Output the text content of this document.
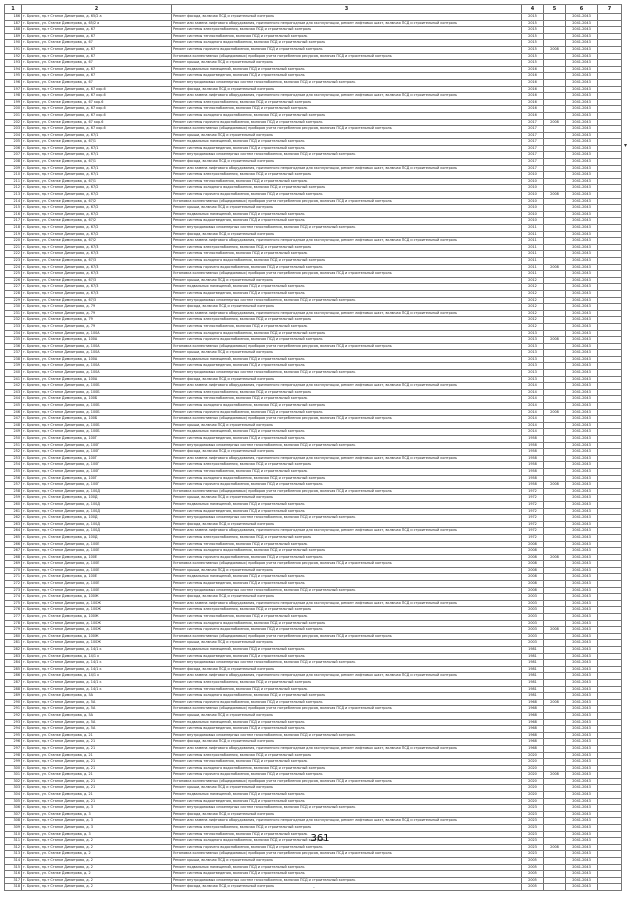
1	2	3	4	5	6	7
186	г. Брянск, пр-т Станке Димитрова, д. 65/2 а	Ремонт фасада, включая ПСД и строительный контроль	2015		2041-2043	
187	г. Брянск, ул. Станке Димитрова, д. 65/2 а	Ремонт или замена лифтового оборудования, признанного непригодным для эксплуатации, ремонт лифтовых шахт, включая ПСД и строительный контроль	2015		2041-2043	
188	г. Брянск, пр-т Станке Димитрова, д. 67	Ремонт системы электроснабжения, включая ПСД и строительный контроль	2015		2041-2043	
189	г. Брянск, пр-т Станке Димитрова, д. 67	Ремонт системы теплоснабжения, включая ПСД и строительный контроль	2015		2041-2043	
190	г. Брянск, ул. Станке Димитрова, д. 67	Ремонт системы холодного водоснабжения, включая ПСД и строительный контроль	2015		2041-2043	
191	г. Брянск, пр-т Станке Димитрова, д. 67	Ремонт системы горячего водоснабжения, включая ПСД и строительный контроль	2015	2008	2041-2043	
192	г. Брянск, пр-т Станке Димитрова, д. 67	Установка коллективных (общедомовых) приборов учета потребления ресурсов, включая ПСД и строительный контроль	2015		2041-2043	
193	г. Брянск, ул. Станке Димитрова, д. 67	Ремонт крыши, включая ПСД и строительный контроль	2015		2041-2043	
194	г. Брянск, пр-т Станке Димитрова, д. 67	Ремонт подвальных помещений, включая ПСД и строительный контроль	2016		2041-2043	
195	г. Брянск, пр-т Станке Димитрова, д. 67	Ремонт системы водоотведения, включая ПСД и строительный контроль	2016		2041-2043	
196	г. Брянск, ул. Станке Димитрова, д. 67	Ремонт внутридомовых инженерных систем газоснабжения, включая ПСД и строительный контроль	2016		2041-2043	
197	г. Брянск, пр-т Станке Димитрова, д. 67 кор.6	Ремонт фасада, включая ПСД и строительный контроль	2016		2041-2043	
198	г. Брянск, пр-т Станке Димитрова, д. 67 кор.6	Ремонт или замена лифтового оборудования, признанного непригодным для эксплуатации, ремонт лифтовых шахт, включая ПСД и строительный контроль	2016		2041-2043	
199	г. Брянск, ул. Станке Димитрова, д. 67 кор.6	Ремонт системы электроснабжения, включая ПСД и строительный контроль	2016		2041-2043	
200	г. Брянск, пр-т Станке Димитрова, д. 67 кор.6	Ремонт системы теплоснабжения, включая ПСД и строительный контроль	2016		2041-2043	
201	г. Брянск, пр-т Станке Димитрова, д. 67 кор.6	Ремонт системы холодного водоснабжения, включая ПСД и строительный контроль	2016		2041-2043	
202	г. Брянск, ул. Станке Димитрова, д. 67 кор.6	Ремонт системы горячего водоснабжения, включая ПСД и строительный контроль	2017	2008	2041-2043	
203	г. Брянск, пр-т Станке Димитрова, д. 67 кор.6	Установка коллективных (общедомовых) приборов учета потребления ресурсов, включая ПСД и строительный контроль	2017		2041-2043	
204	г. Брянск, пр-т Станке Димитрова, д. 67/1	Ремонт крыши, включая ПСД и строительный контроль	2017		2041-2043	
205	г. Брянск, ул. Станке Димитрова, д. 67/1	Ремонт подвальных помещений, включая ПСД и строительный контроль	2017		2041-2043	
206	г. Брянск, пр-т Станке Димитрова, д. 67/1	Ремонт системы водоотведения, включая ПСД и строительный контроль	2017		2041-2043	
207	г. Брянск, пр-т Станке Димитрова, д. 67/1	Ремонт внутридомовых инженерных систем газоснабжения, включая ПСД и строительный контроль	2017		2041-2043	
208	г. Брянск, ул. Станке Димитрова, д. 67/1	Ремонт фасада, включая ПСД и строительный контроль	2017		2041-2043	
209	г. Брянск, пр-т Станке Димитрова, д. 67/1	Ремонт или замена лифтового оборудования, признанного непригодным для эксплуатации, ремонт лифтовых шахт, включая ПСД и строительный контроль	2017		2041-2043	
210	г. Брянск, пр-т Станке Димитрова, д. 67/1	Ремонт системы электроснабжения, включая ПСД и строительный контроль	2010		2041-2043	
211	г. Брянск, ул. Станке Димитрова, д. 67/1	Ремонт системы теплоснабжения, включая ПСД и строительный контроль	2010		2041-2043	
212	г. Брянск, пр-т Станке Димитрова, д. 67/2	Ремонт системы холодного водоснабжения, включая ПСД и строительный контроль	2010		2041-2043	
213	г. Брянск, пр-т Станке Димитрова, д. 67/2	Ремонт системы горячего водоснабжения, включая ПСД и строительный контроль	2010	2008	2041-2043	
214	г. Брянск, ул. Станке Димитрова, д. 67/2	Установка коллективных (общедомовых) приборов учета потребления ресурсов, включая ПСД и строительный контроль	2010		2041-2043	
215	г. Брянск, пр-т Станке Димитрова, д. 67/2	Ремонт крыши, включая ПСД и строительный контроль	2010		2041-2043	
216	г. Брянск, пр-т Станке Димитрова, д. 67/2	Ремонт подвальных помещений, включая ПСД и строительный контроль	2010		2041-2043	
217	г. Брянск, ул. Станке Димитрова, д. 67/2	Ремонт системы водоотведения, включая ПСД и строительный контроль	2010		2041-2043	
218	г. Брянск, пр-т Станке Димитрова, д. 67/2	Ремонт внутридомовых инженерных систем газоснабжения, включая ПСД и строительный контроль	2011		2041-2043	
219	г. Брянск, пр-т Станке Димитрова, д. 67/2	Ремонт фасада, включая ПСД и строительный контроль	2011		2041-2043	
220	г. Брянск, ул. Станке Димитрова, д. 67/2	Ремонт или замена лифтового оборудования, признанного непригодным для эксплуатации, ремонт лифтовых шахт, включая ПСД и строительный контроль	2011		2041-2043	
221	г. Брянск, пр-т Станке Димитрова, д. 67/3	Ремонт системы электроснабжения, включая ПСД и строительный контроль	2011		2041-2043	
222	г. Брянск, пр-т Станке Димитрова, д. 67/3	Ремонт системы теплоснабжения, включая ПСД и строительный контроль	2011		2041-2043	
223	г. Брянск, ул. Станке Димитрова, д. 67/3	Ремонт системы холодного водоснабжения, включая ПСД и строительный контроль	2011		2041-2043	
224	г. Брянск, пр-т Станке Димитрова, д. 67/3	Ремонт системы горячего водоснабжения, включая ПСД и строительный контроль	2011	2008	2041-2043	
225	г. Брянск, пр-т Станке Димитрова, д. 67/3	Установка коллективных (общедомовых) приборов учета потребления ресурсов, включая ПСД и строительный контроль	2011		2041-2043	
226	г. Брянск, ул. Станке Димитрова, д. 67/3	Ремонт крыши, включая ПСД и строительный контроль	2012		2041-2043	
227	г. Брянск, пр-т Станке Димитрова, д. 67/3	Ремонт подвальных помещений, включая ПСД и строительный контроль	2012		2041-2043	
228	г. Брянск, пр-т Станке Димитрова, д. 67/3	Ремонт системы водоотведения, включая ПСД и строительный контроль	2012		2041-2043	
229	г. Брянск, ул. Станке Димитрова, д. 67/3	Ремонт внутридомовых инженерных систем газоснабжения, включая ПСД и строительный контроль	2012		2041-2043	
230	г. Брянск, пр-т Станке Димитрова, д. 79	Ремонт фасада, включая ПСД и строительный контроль	2012		2041-2043	
231	г. Брянск, пр-т Станке Димитрова, д. 79	Ремонт или замена лифтового оборудования, признанного непригодным для эксплуатации, ремонт лифтовых шахт, включая ПСД и строительный контроль	2012		2041-2043	
232	г. Брянск, ул. Станке Димитрова, д. 79	Ремонт системы электроснабжения, включая ПСД и строительный контроль	2012		2041-2043	
233	г. Брянск, пр-т Станке Димитрова, д. 79	Ремонт системы теплоснабжения, включая ПСД и строительный контроль	2012		2041-2043	
234	г. Брянск, пр-т Станке Димитрова, д. 100А	Ремонт системы холодного водоснабжения, включая ПСД и строительный контроль	2013		2041-2043	
235	г. Брянск, ул. Станке Димитрова, д. 100А	Ремонт системы горячего водоснабжения, включая ПСД и строительный контроль	2013	2008	2041-2043	
236	г. Брянск, пр-т Станке Димитрова, д. 100А	Установка коллективных (общедомовых) приборов учета потребления ресурсов, включая ПСД и строительный контроль	2013		2041-2043	
237	г. Брянск, пр-т Станке Димитрова, д. 100А	Ремонт крыши, включая ПСД и строительный контроль	2013		2041-2043	
238	г. Брянск, ул. Станке Димитрова, д. 100А	Ремонт подвальных помещений, включая ПСД и строительный контроль	2013		2041-2043	
239	г. Брянск, пр-т Станке Димитрова, д. 100А	Ремонт системы водоотведения, включая ПСД и строительный контроль	2013		2041-2043	
240	г. Брянск, пр-т Станке Димитрова, д. 100А	Ремонт внутридомовых инженерных систем газоснабжения, включая ПСД и строительный контроль	2013		2041-2043	
241	г. Брянск, ул. Станке Димитрова, д. 100А	Ремонт фасада, включая ПСД и строительный контроль	2013		2041-2043	
242	г. Брянск, пр-т Станке Димитрова, д. 100Б	Ремонт или замена лифтового оборудования, признанного непригодным для эксплуатации, ремонт лифтовых шахт, включая ПСД и строительный контроль	2014		2041-2043	
243	г. Брянск, пр-т Станке Димитрова, д. 100Б	Ремонт системы электроснабжения, включая ПСД и строительный контроль	2014		2041-2043	
244	г. Брянск, ул. Станке Димитрова, д. 100Б	Ремонт системы теплоснабжения, включая ПСД и строительный контроль	2014		2041-2043	
245	г. Брянск, пр-т Станке Димитрова, д. 100Б	Ремонт системы холодного водоснабжения, включая ПСД и строительный контроль	2014		2041-2043	
246	г. Брянск, пр-т Станке Димитрова, д. 100Б	Ремонт системы горячего водоснабжения, включая ПСД и строительный контроль	2014	2008	2041-2043	
247	г. Брянск, ул. Станке Димитрова, д. 100Б	Установка коллективных (общедомовых) приборов учета потребления ресурсов, включая ПСД и строительный контроль	2014		2041-2043	
248	г. Брянск, пр-т Станке Димитрова, д. 100Б	Ремонт крыши, включая ПСД и строительный контроль	2014		2041-2043	
249	г. Брянск, пр-т Станке Димитрова, д. 100Б	Ремонт подвальных помещений, включая ПСД и строительный контроль	2014		2041-2043	
250	г. Брянск, ул. Станке Димитрова, д. 100Г	Ремонт системы водоотведения, включая ПСД и строительный контроль	1958		2041-2043	
251	г. Брянск, пр-т Станке Димитрова, д. 100Г	Ремонт внутридомовых инженерных систем газоснабжения, включая ПСД и строительный контроль	1958		2041-2043	
252	г. Брянск, пр-т Станке Димитрова, д. 100Г	Ремонт фасада, включая ПСД и строительный контроль	1958		2041-2043	
253	г. Брянск, ул. Станке Димитрова, д. 100Г	Ремонт или замена лифтового оборудования, признанного непригодным для эксплуатации, ремонт лифтовых шахт, включая ПСД и строительный контроль	1958		2041-2043	
254	г. Брянск, пр-т Станке Димитрова, д. 100Г	Ремонт системы электроснабжения, включая ПСД и строительный контроль	1958		2041-2043	
255	г. Брянск, пр-т Станке Димитрова, д. 100Г	Ремонт системы теплоснабжения, включая ПСД и строительный контроль	1958		2041-2043	
256	г. Брянск, ул. Станке Димитрова, д. 100Г	Ремонт системы холодного водоснабжения, включая ПСД и строительный контроль	1958		2041-2043	
257	г. Брянск, пр-т Станке Димитрова, д. 100Г	Ремонт системы горячего водоснабжения, включая ПСД и строительный контроль	1958	2008	2041-2043	
258	г. Брянск, пр-т Станке Димитрова, д. 100Д	Установка коллективных (общедомовых) приборов учета потребления ресурсов, включая ПСД и строительный контроль	1972		2041-2043	
259	г. Брянск, ул. Станке Димитрова, д. 100Д	Ремонт крыши, включая ПСД и строительный контроль	1972		2041-2043	
260	г. Брянск, пр-т Станке Димитрова, д. 100Д	Ремонт подвальных помещений, включая ПСД и строительный контроль	1972		2041-2043	
261	г. Брянск, пр-т Станке Димитрова, д. 100Д	Ремонт системы водоотведения, включая ПСД и строительный контроль	1972		2041-2043	
262	г. Брянск, ул. Станке Димитрова, д. 100Д	Ремонт внутридомовых инженерных систем газоснабжения, включая ПСД и строительный контроль	1972		2041-2043	
263	г. Брянск, пр-т Станке Димитрова, д. 100Д	Ремонт фасада, включая ПСД и строительный контроль	1972		2041-2043	
264	г. Брянск, пр-т Станке Димитрова, д. 100Д	Ремонт или замена лифтового оборудования, признанного непригодным для эксплуатации, ремонт лифтовых шахт, включая ПСД и строительный контроль	1972		2041-2043	
265	г. Брянск, ул. Станке Димитрова, д. 100Д	Ремонт системы электроснабжения, включая ПСД и строительный контроль	1972		2041-2043	
266	г. Брянск, пр-т Станке Димитрова, д. 100Е	Ремонт системы теплоснабжения, включая ПСД и строительный контроль	2008		2041-2043	
267	г. Брянск, пр-т Станке Димитрова, д. 100Е	Ремонт системы холодного водоснабжения, включая ПСД и строительный контроль	2008		2041-2043	
268	г. Брянск, ул. Станке Димитрова, д. 100Е	Ремонт системы горячего водоснабжения, включая ПСД и строительный контроль	2008	2008	2041-2043	
269	г. Брянск, пр-т Станке Димитрова, д. 100Е	Установка коллективных (общедомовых) приборов учета потребления ресурсов, включая ПСД и строительный контроль	2008		2041-2043	
270	г. Брянск, пр-т Станке Димитрова, д. 100Е	Ремонт крыши, включая ПСД и строительный контроль	2008		2041-2043	
271	г. Брянск, ул. Станке Димитрова, д. 100Е	Ремонт подвальных помещений, включая ПСД и строительный контроль	2008		2041-2043	
272	г. Брянск, пр-т Станке Димитрова, д. 100Е	Ремонт системы водоотведения, включая ПСД и строительный контроль	2008		2041-2043	
273	г. Брянск, пр-т Станке Димитрова, д. 100Е	Ремонт внутридомовых инженерных систем газоснабжения, включая ПСД и строительный контроль	2008		2041-2043	
274	г. Брянск, ул. Станке Димитрова, д. 100Ж	Ремонт фасада, включая ПСД и строительный контроль	2003		2041-2043	
275	г. Брянск, пр-т Станке Димитрова, д. 100Ж	Ремонт или замена лифтового оборудования, признанного непригодным для эксплуатации, ремонт лифтовых шахт, включая ПСД и строительный контроль	2003		2041-2043	
276	г. Брянск, пр-т Станке Димитрова, д. 100Ж	Ремонт системы электроснабжения, включая ПСД и строительный контроль	2003		2041-2043	
277	г. Брянск, ул. Станке Димитрова, д. 100Ж	Ремонт системы теплоснабжения, включая ПСД и строительный контроль	2003		2041-2043	
278	г. Брянск, пр-т Станке Димитрова, д. 100Ж	Ремонт системы холодного водоснабжения, включая ПСД и строительный контроль	2003		2041-2043	
279	г. Брянск, пр-т Станке Димитрова, д. 100Ж	Ремонт системы горячего водоснабжения, включая ПСД и строительный контроль	2003	2008	2041-2043	
280	г. Брянск, ул. Станке Димитрова, д. 100Ж	Установка коллективных (общедомовых) приборов учета потребления ресурсов, включая ПСД и строительный контроль	2003		2041-2043	
281	г. Брянск, пр-т Станке Димитрова, д. 100Ж	Ремонт крыши, включая ПСД и строительный контроль	2003		2041-2043	
282	г. Брянск, пр-т Станке Димитрова, д. 14/1 к	Ремонт подвальных помещений, включая ПСД и строительный контроль	1981		2041-2043	
283	г. Брянск, ул. Станке Димитрова, д. 14/1 к	Ремонт системы водоотведения, включая ПСД и строительный контроль	1981		2041-2043	
284	г. Брянск, пр-т Станке Димитрова, д. 14/1 к	Ремонт внутридомовых инженерных систем газоснабжения, включая ПСД и строительный контроль	1981		2041-2043	
285	г. Брянск, пр-т Станке Димитрова, д. 14/1 к	Ремонт фасада, включая ПСД и строительный контроль	1981		2041-2043	
286	г. Брянск, ул. Станке Димитрова, д. 14/1 к	Ремонт или замена лифтового оборудования, признанного непригодным для эксплуатации, ремонт лифтовых шахт, включая ПСД и строительный контроль	1981		2041-2043	
287	г. Брянск, пр-т Станке Димитрова, д. 14/1 к	Ремонт системы электроснабжения, включая ПСД и строительный контроль	1981		2041-2043	
288	г. Брянск, пр-т Станке Димитрова, д. 14/1 к	Ремонт системы теплоснабжения, включая ПСД и строительный контроль	1981		2041-2043	
289	г. Брянск, ул. Станке Димитрова, д. 5А	Ремонт системы холодного водоснабжения, включая ПСД и строительный контроль	1981		2041-2043	
290	г. Брянск, пр-т Станке Димитрова, д. 5А	Ремонт системы горячего водоснабжения, включая ПСД и строительный контроль	1968	2008	2041-2043	
291	г. Брянск, пр-т Станке Димитрова, д. 5А	Установка коллективных (общедомовых) приборов учета потребления ресурсов, включая ПСД и строительный контроль	1968		2041-2043	
292	г. Брянск, ул. Станке Димитрова, д. 5А	Ремонт крыши, включая ПСД и строительный контроль	1968		2041-2043	
293	г. Брянск, пр-т Станке Димитрова, д. 5А	Ремонт подвальных помещений, включая ПСД и строительный контроль	1968		2041-2043	
294	г. Брянск, пр-т Станке Димитрова, д. 5А	Ремонт системы водоотведения, включая ПСД и строительный контроль	1968		2041-2043	
295	г. Брянск, ул. Станке Димитрова, д. 21	Ремонт внутридомовых инженерных систем газоснабжения, включая ПСД и строительный контроль	1968		2041-2043	
296	г. Брянск, пр-т Станке Димитрова, д. 21	Ремонт фасада, включая ПСД и строительный контроль	1968		2041-2043	
297	г. Брянск, пр-т Станке Димитрова, д. 21	Ремонт или замена лифтового оборудования, признанного непригодным для эксплуатации, ремонт лифтовых шахт, включая ПСД и строительный контроль	1968		2041-2043	
298	г. Брянск, ул. Станке Димитрова, д. 21	Ремонт системы электроснабжения, включая ПСД и строительный контроль	2020		2041-2043	
299	г. Брянск, пр-т Станке Димитрова, д. 21	Ремонт системы теплоснабжения, включая ПСД и строительный контроль	2020		2041-2043	
300	г. Брянск, пр-т Станке Димитрова, д. 21	Ремонт системы холодного водоснабжения, включая ПСД и строительный контроль	2020		2041-2043	
301	г. Брянск, ул. Станке Димитрова, д. 21	Ремонт системы горячего водоснабжения, включая ПСД и строительный контроль	2020	2008	2041-2043	
302	г. Брянск, пр-т Станке Димитрова, д. 21	Установка коллективных (общедомовых) приборов учета потребления ресурсов, включая ПСД и строительный контроль	2020		2041-2043	
303	г. Брянск, пр-т Станке Димитрова, д. 21	Ремонт крыши, включая ПСД и строительный контроль	2020		2041-2043	
304	г. Брянск, ул. Станке Димитрова, д. 21	Ремонт подвальных помещений, включая ПСД и строительный контроль	2020		2041-2043	
305	г. Брянск, пр-т Станке Димитрова, д. 21	Ремонт системы водоотведения, включая ПСД и строительный контроль	2020		2041-2043	
306	г. Брянск, пр-т Станке Димитрова, д. 3	Ремонт внутридомовых инженерных систем газоснабжения, включая ПСД и строительный контроль	2023		2041-2043	
307	г. Брянск, ул. Станке Димитрова, д. 3	Ремонт фасада, включая ПСД и строительный контроль	2023		2041-2043	
308	г. Брянск, пр-т Станке Димитрова, д. 3	Ремонт или замена лифтового оборудования, признанного непригодным для эксплуатации, ремонт лифтовых шахт, включая ПСД и строительный контроль	2023		2041-2043	
309	г. Брянск, пр-т Станке Димитрова, д. 3	Ремонт системы электроснабжения, включая ПСД и строительный контроль	2023		2041-2043	
310	г. Брянск, ул. Станке Димитрова, д. 3	Ремонт системы теплоснабжения, включая ПСД и строительный контроль	2023		2041-2043	
311	г. Брянск, пр-т Станке Димитрова, д. 2	Ремонт системы холодного водоснабжения, включая ПСД и строительный контроль	2023		2041-2043	
312	г. Брянск, пр-т Станке Димитрова, д. 2	Ремонт системы горячего водоснабжения, включая ПСД и строительный контроль	2023	2008	2041-2043	
313	г. Брянск, ул. Станке Димитрова, д. 2	Установка коллективных (общедомовых) приборов учета потребления ресурсов, включая ПСД и строительный контроль	2023		2041-2043	
314	г. Брянск, пр-т Станке Димитрова, д. 2	Ремонт крыши, включая ПСД и строительный контроль	2005		2041-2043	
315	г. Брянск, пр-т Станке Димитрова, д. 2	Ремонт подвальных помещений, включая ПСД и строительный контроль	2005		2041-2043	
316	г. Брянск, ул. Станке Димитрова, д. 2	Ремонт системы водоотведения, включая ПСД и строительный контроль	2005		2041-2043	
317	г. Брянск, пр-т Станке Димитрова, д. 2	Ремонт внутридомовых инженерных систем газоснабжения, включая ПСД и строительный контроль	2005		2041-2043	
318	г. Брянск, пр-т Станке Димитрова, д. 2	Ремонт фасада, включая ПСД и строительный контроль	2005		2041-2043	
▾
361
·
